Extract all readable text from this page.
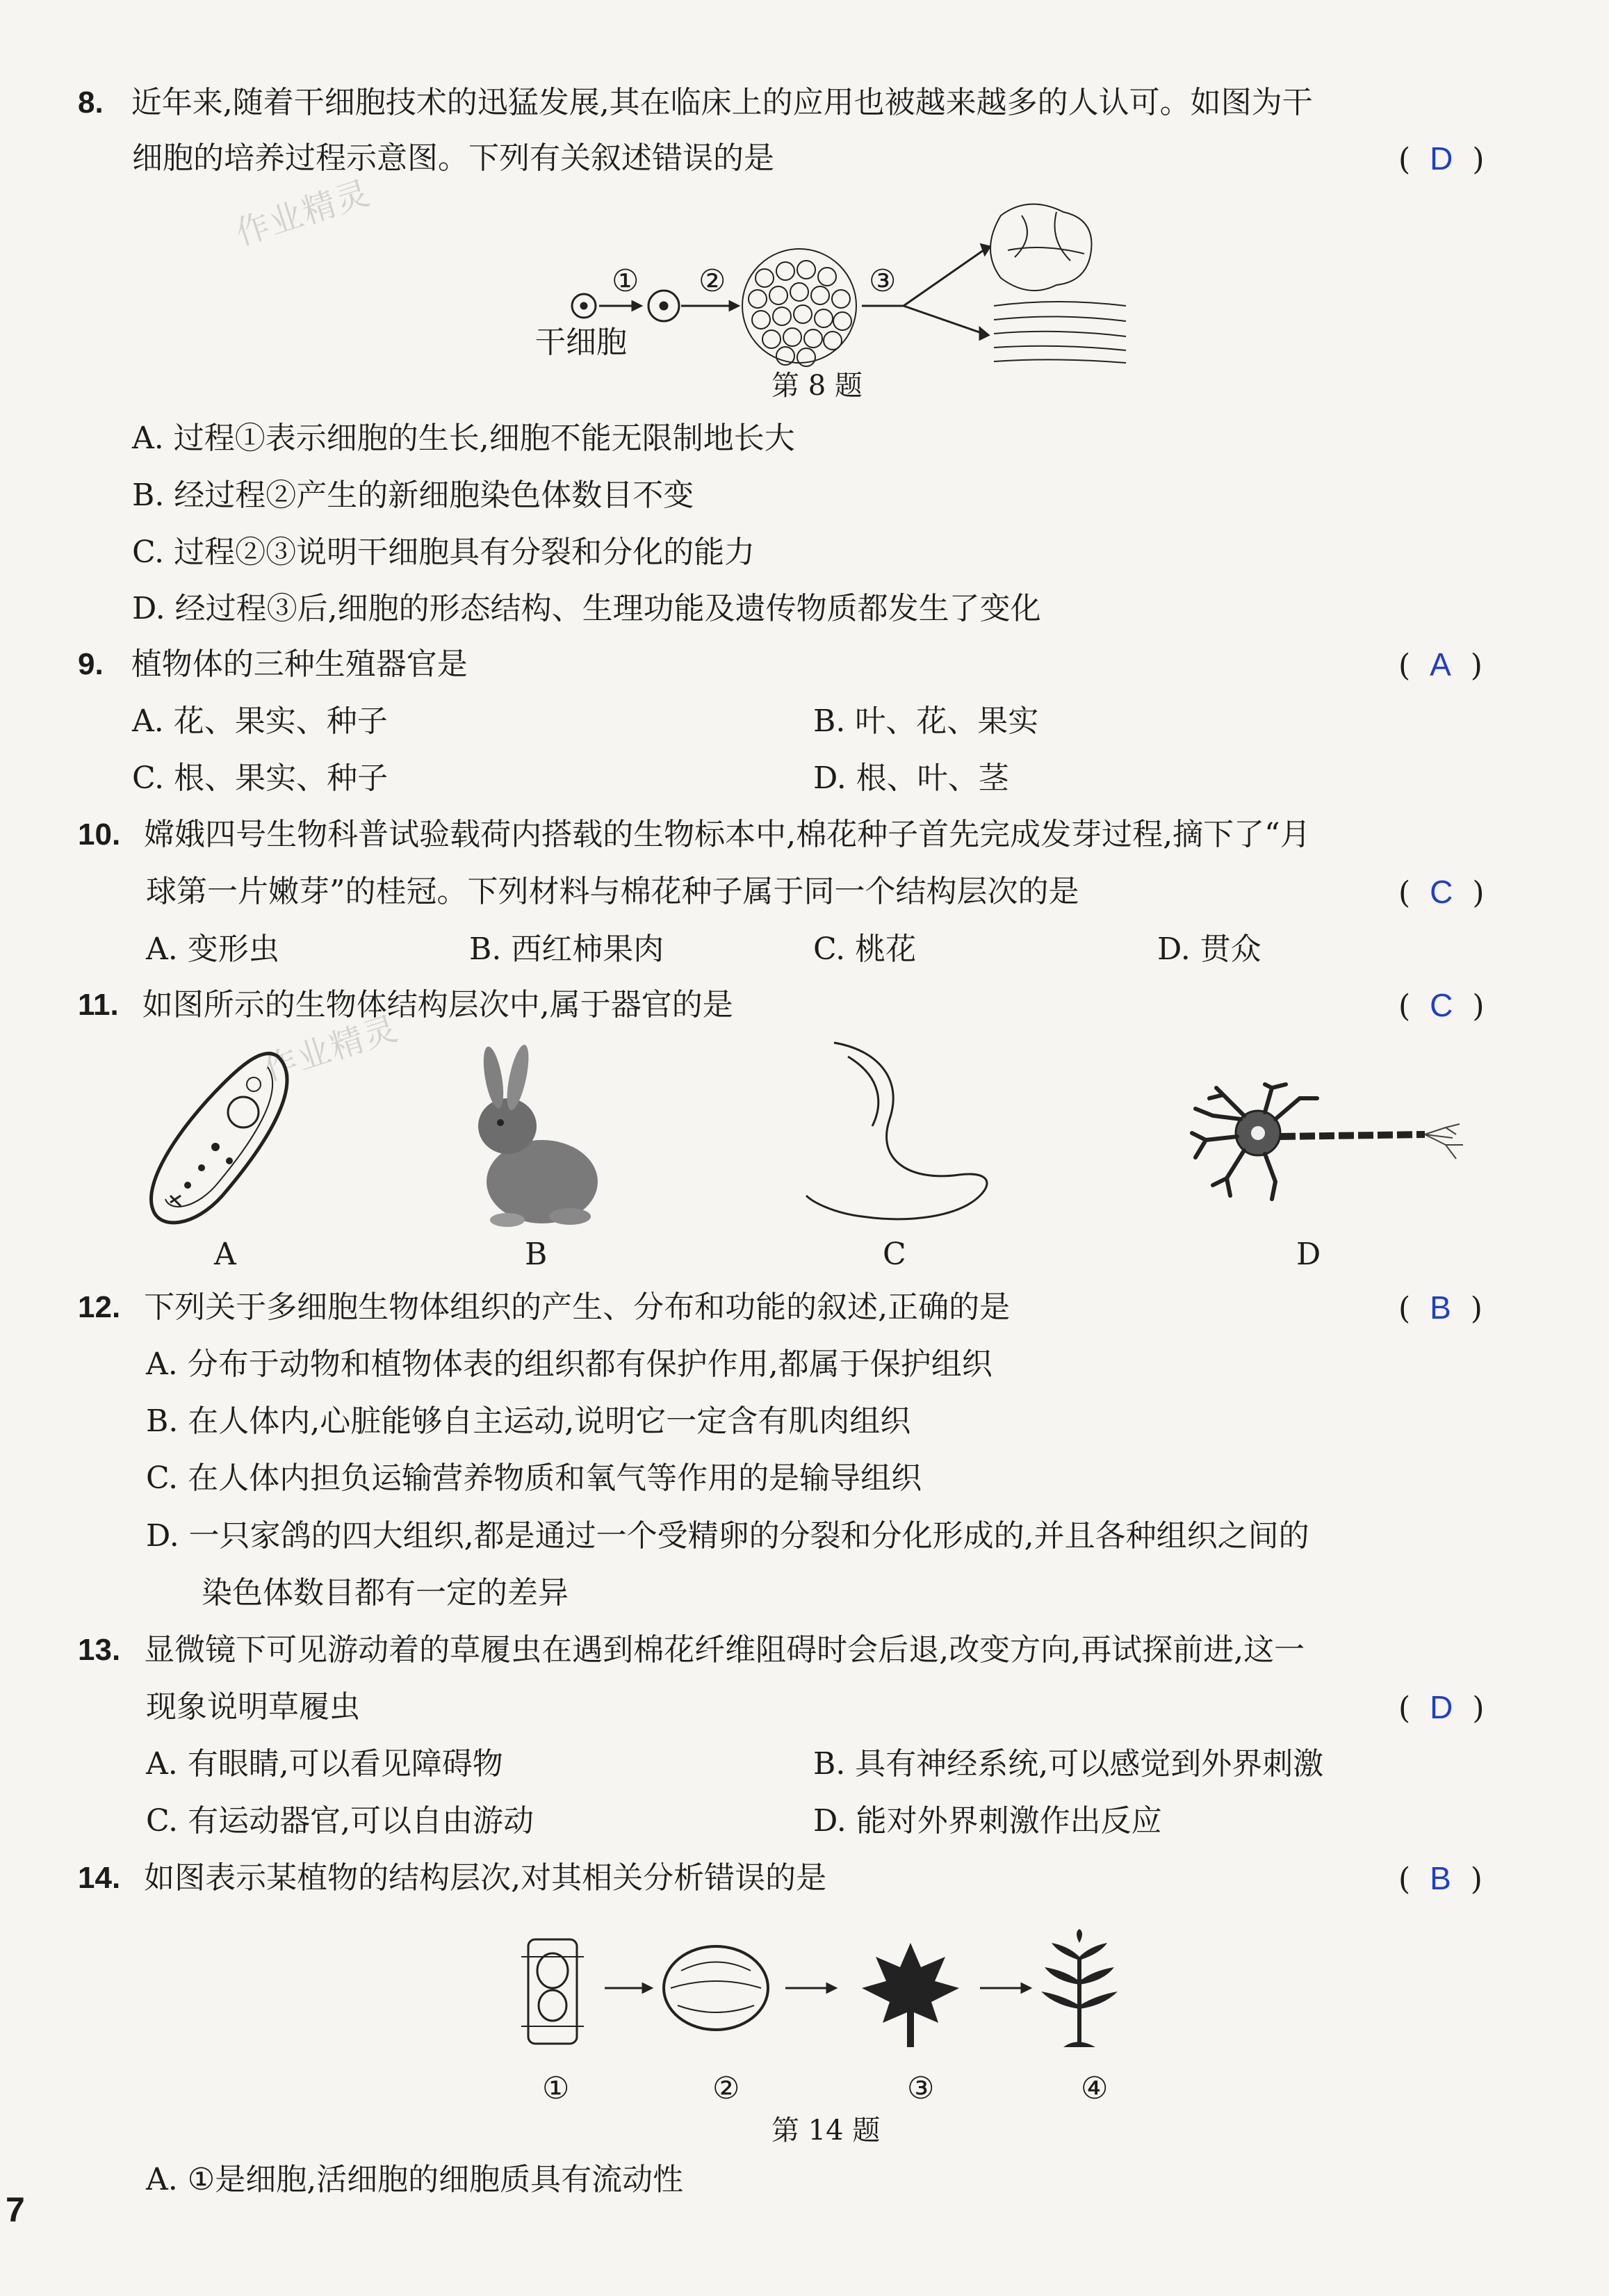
作业精灵
作业精灵
8. 近年来,随着干细胞技术的迅猛发展,其在临床上的应用也被越来越多的人认可。如图为干
细胞的培养过程示意图。下列有关叙述错误的是	(  D  )
① ②	③
干细胞
第 8 题
A. 过程①表示细胞的生长,细胞不能无限制地长大
B. 经过程②产生的新细胞染色体数目不变
C. 过程②③说明干细胞具有分裂和分化的能力
D. 经过程③后,细胞的形态结构、生理功能及遗传物质都发生了变化
9. 植物体的三种生殖器官是	(  A  )
A. 花、果实、种子	B. 叶、花、果实
C. 根、果实、种子	D. 根、叶、茎
10. 嫦娥四号生物科普试验载荷内搭载的生物标本中,棉花种子首先完成发芽过程,摘下了“月
球第一片嫩芽”的桂冠。下列材料与棉花种子属于同一个结构层次的是	(  C  )
A. 变形虫	B. 西红柿果肉	C. 桃花	D. 贯众
11. 如图所示的生物体结构层次中,属于器官的是	(  C  )
A	B	C	D
12. 下列关于多细胞生物体组织的产生、分布和功能的叙述,正确的是	(  B  )
A. 分布于动物和植物体表的组织都有保护作用,都属于保护组织
B. 在人体内,心脏能够自主运动,说明它一定含有肌肉组织
C. 在人体内担负运输营养物质和氧气等作用的是输导组织
D. 一只家鸽的四大组织,都是通过一个受精卵的分裂和分化形成的,并且各种组织之间的
染色体数目都有一定的差异
13. 显微镜下可见游动着的草履虫在遇到棉花纤维阻碍时会后退,改变方向,再试探前进,这一
现象说明草履虫	(  D  )
A. 有眼睛,可以看见障碍物	B. 具有神经系统,可以感觉到外界刺激
C. 有运动器官,可以自由游动	D. 能对外界刺激作出反应
14. 如图表示某植物的结构层次,对其相关分析错误的是	(  B  )
①	②	③	④
第 14 题
A. ①是细胞,活细胞的细胞质具有流动性
7
